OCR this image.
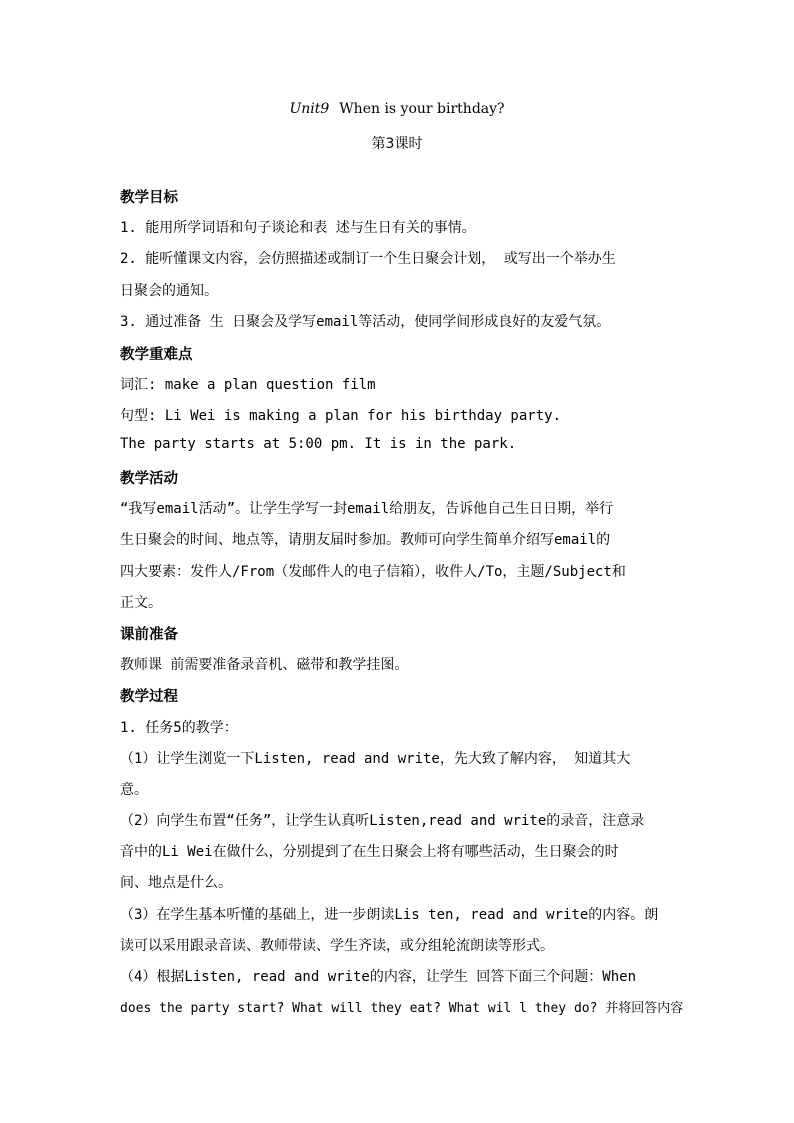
Unit9 When is your birthday?
第3课时
教学目标
1. 能用所学词语和句子谈论和表 述与生日有关的事情。
2. 能听懂课文内容，会仿照描述或制订一个生日聚会计划， 或写出一个举办生
日聚会的通知。
3. 通过准备 生 日聚会及学写email等活动，使同学间形成良好的友爱气氛。
教学重难点
词汇: make a plan question film
句型: Li Wei is making a plan for his birthday party.
The party starts at 5:00 pm. It is in the park.
教学活动
“我写email活动”。让学生学写一封email给朋友，告诉他自己生日日期，举行
生日聚会的时间、地点等，请朋友届时参加。教师可向学生简单介绍写email的
四大要素：发件人/From（发邮件人的电子信箱），收件人/To，主题/Subject和
正文。
课前准备
教师课 前需要准备录音机、磁带和教学挂图。
教学过程
1. 任务5的教学：
（1）让学生浏览一下Listen, read and write，先大致了解内容， 知道其大
意。
（2）向学生布置“任务”，让学生认真听Listen,read and write的录音，注意录
音中的Li Wei在做什么，分别提到了在生日聚会上将有哪些活动，生日聚会的时
间、地点是什么。
（3）在学生基本听懂的基础上，进一步朗读Lis ten, read and write的内容。朗
读可以采用跟录音读、教师带读、学生齐读，或分组轮流朗读等形式。
（4）根据Listen, read and write的内容，让学生 回答下面三个问题：When
does the party start? What will they eat? What wil l they do? 并将回答内容
